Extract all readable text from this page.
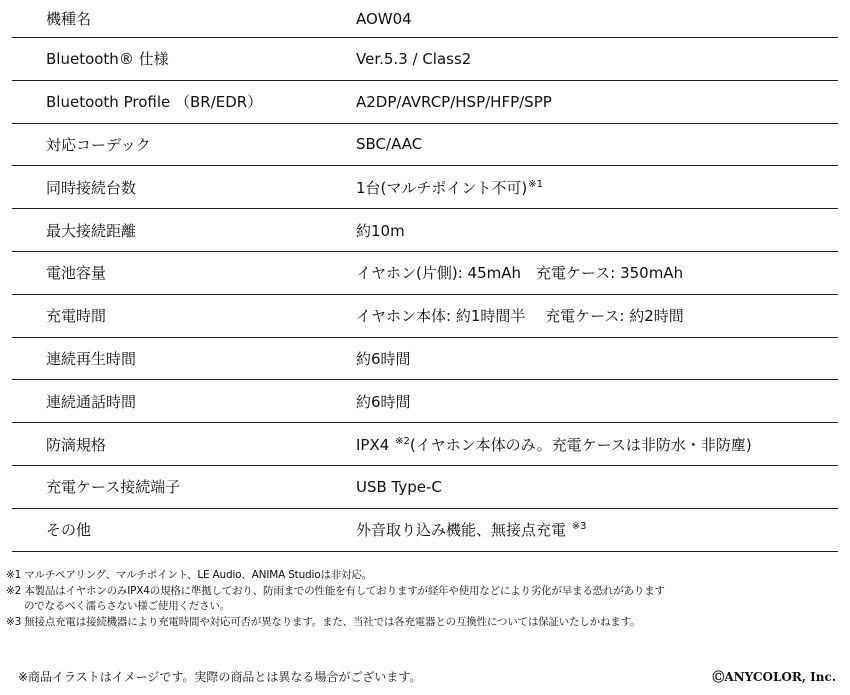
機種名	AOW04
Bluetooth® 仕様	Ver.5.3 / Class2
Bluetooth Profile （BR/EDR）	A2DP/AVRCP/HSP/HFP/SPP
対応コーデック	SBC/AAC
同時接続台数	1台(マルチポイント不可)$^{※1}$
最大接続距離	約10m
電池容量	イヤホン(片側): 45mAh　充電ケース: 350mAh
充電時間	イヤホン本体: 約1時間半　 充電ケース: 約2時間
連続再生時間	約6時間
連続通話時間	約6時間
防滴規格	IPX4 $^{※2}$(イヤホン本体のみ。充電ケースは非防水・非防塵)
充電ケース接続端子	USB Type-C
その他	外音取り込み機能、無接点充電 $^{※3}$
※1 マルチペアリング、マルチポイント、LE Audio、ANIMA Studioは非対応。
※2 本製品はイヤホンのみIPX4の規格に準拠しており、防雨までの性能を有しておりますが経年や使用などにより劣化が早まる恐れがあります
のでなるべく濡らさない様ご使用ください。
※3 無接点充電は接続機器により充電時間や対応可否が異なります。また、当社では各充電器との互換性については保証いたしかねます。
※商品イラストはイメージです。実際の商品とは異なる場合がございます。	ⒸANYCOLOR, Inc.
